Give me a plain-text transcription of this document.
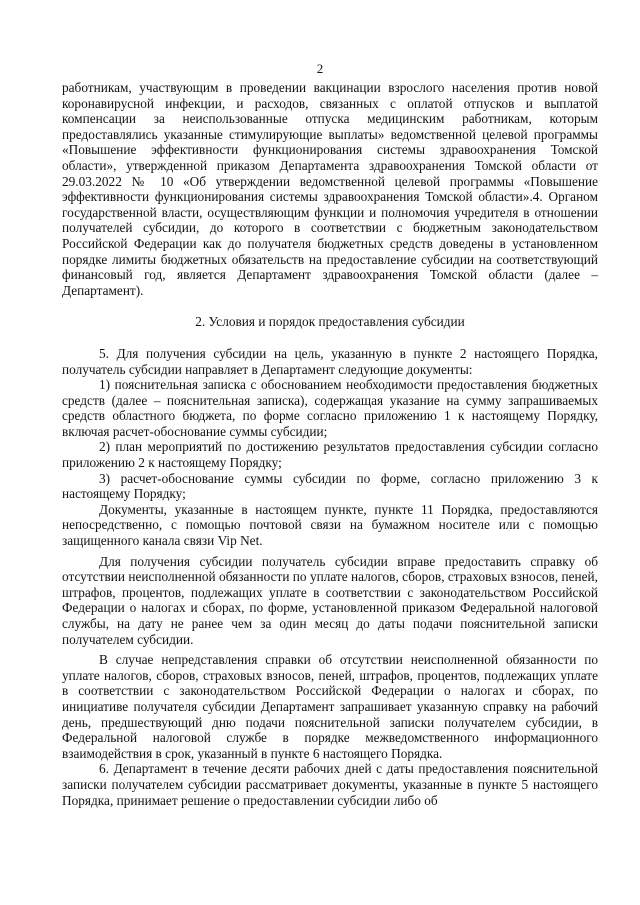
2

работникам, участвующим в проведении вакцинации взрослого населения против новой коронавирусной инфекции, и расходов, связанных с оплатой отпусков и выплатой компенсации за неиспользованные отпуска медицинским работникам, которым предоставлялись указанные стимулирующие выплаты» ведомственной целевой программы «Повышение эффективности функционирования системы здравоохранения Томской области», утвержденной приказом Департамента здравоохранения Томской области от 29.03.2022 № 10 «Об утверждении ведомственной целевой программы «Повышение эффективности функционирования системы здравоохранения Томской области».4. Органом государственной власти, осуществляющим функции и полномочия учредителя в отношении получателей субсидии, до которого в соответствии с бюджетным законодательством Российской Федерации как до получателя бюджетных средств доведены в установленном порядке лимиты бюджетных обязательств на предоставление субсидии на соответствующий финансовый год, является Департамент здравоохранения Томской области (далее – Департамент).

2. Условия и порядок предоставления субсидии

5. Для получения субсидии на цель, указанную в пункте 2 настоящего Порядка, получатель субсидии направляет в Департамент следующие документы:

1) пояснительная записка с обоснованием необходимости предоставления бюджетных средств (далее – пояснительная записка), содержащая указание на сумму запрашиваемых средств областного бюджета, по форме согласно приложению 1 к настоящему Порядку, включая расчет-обоснование суммы субсидии;

2) план мероприятий по достижению результатов предоставления субсидии согласно приложению 2 к настоящему Порядку;

3) расчет-обоснование суммы субсидии по форме, согласно приложению 3 к настоящему Порядку;

Документы, указанные в настоящем пункте, пункте 11 Порядка, предоставляются непосредственно, с помощью почтовой связи на бумажном носителе или с помощью защищенного канала связи Vip Net.

Для получения субсидии получатель субсидии вправе предоставить справку об отсутствии неисполненной обязанности по уплате налогов, сборов, страховых взносов, пеней, штрафов, процентов, подлежащих уплате в соответствии с законодательством Российской Федерации о налогах и сборах, по форме, установленной приказом Федеральной налоговой службы, на дату не ранее чем за один месяц до даты подачи пояснительной записки получателем субсидии.

В случае непредставления справки об отсутствии неисполненной обязанности по уплате налогов, сборов, страховых взносов, пеней, штрафов, процентов, подлежащих уплате в соответствии с законодательством Российской Федерации о налогах и сборах, по инициативе получателя субсидии Департамент запрашивает указанную справку на рабочий день, предшествующий дню подачи пояснительной записки получателем субсидии, в Федеральной налоговой службе в порядке межведомственного информационного взаимодействия в срок, указанный в пункте 6 настоящего Порядка.

6. Департамент в течение десяти рабочих дней с даты предоставления пояснительной записки получателем субсидии рассматривает документы, указанные в пункте 5 настоящего Порядка, принимает решение о предоставлении субсидии либо об
